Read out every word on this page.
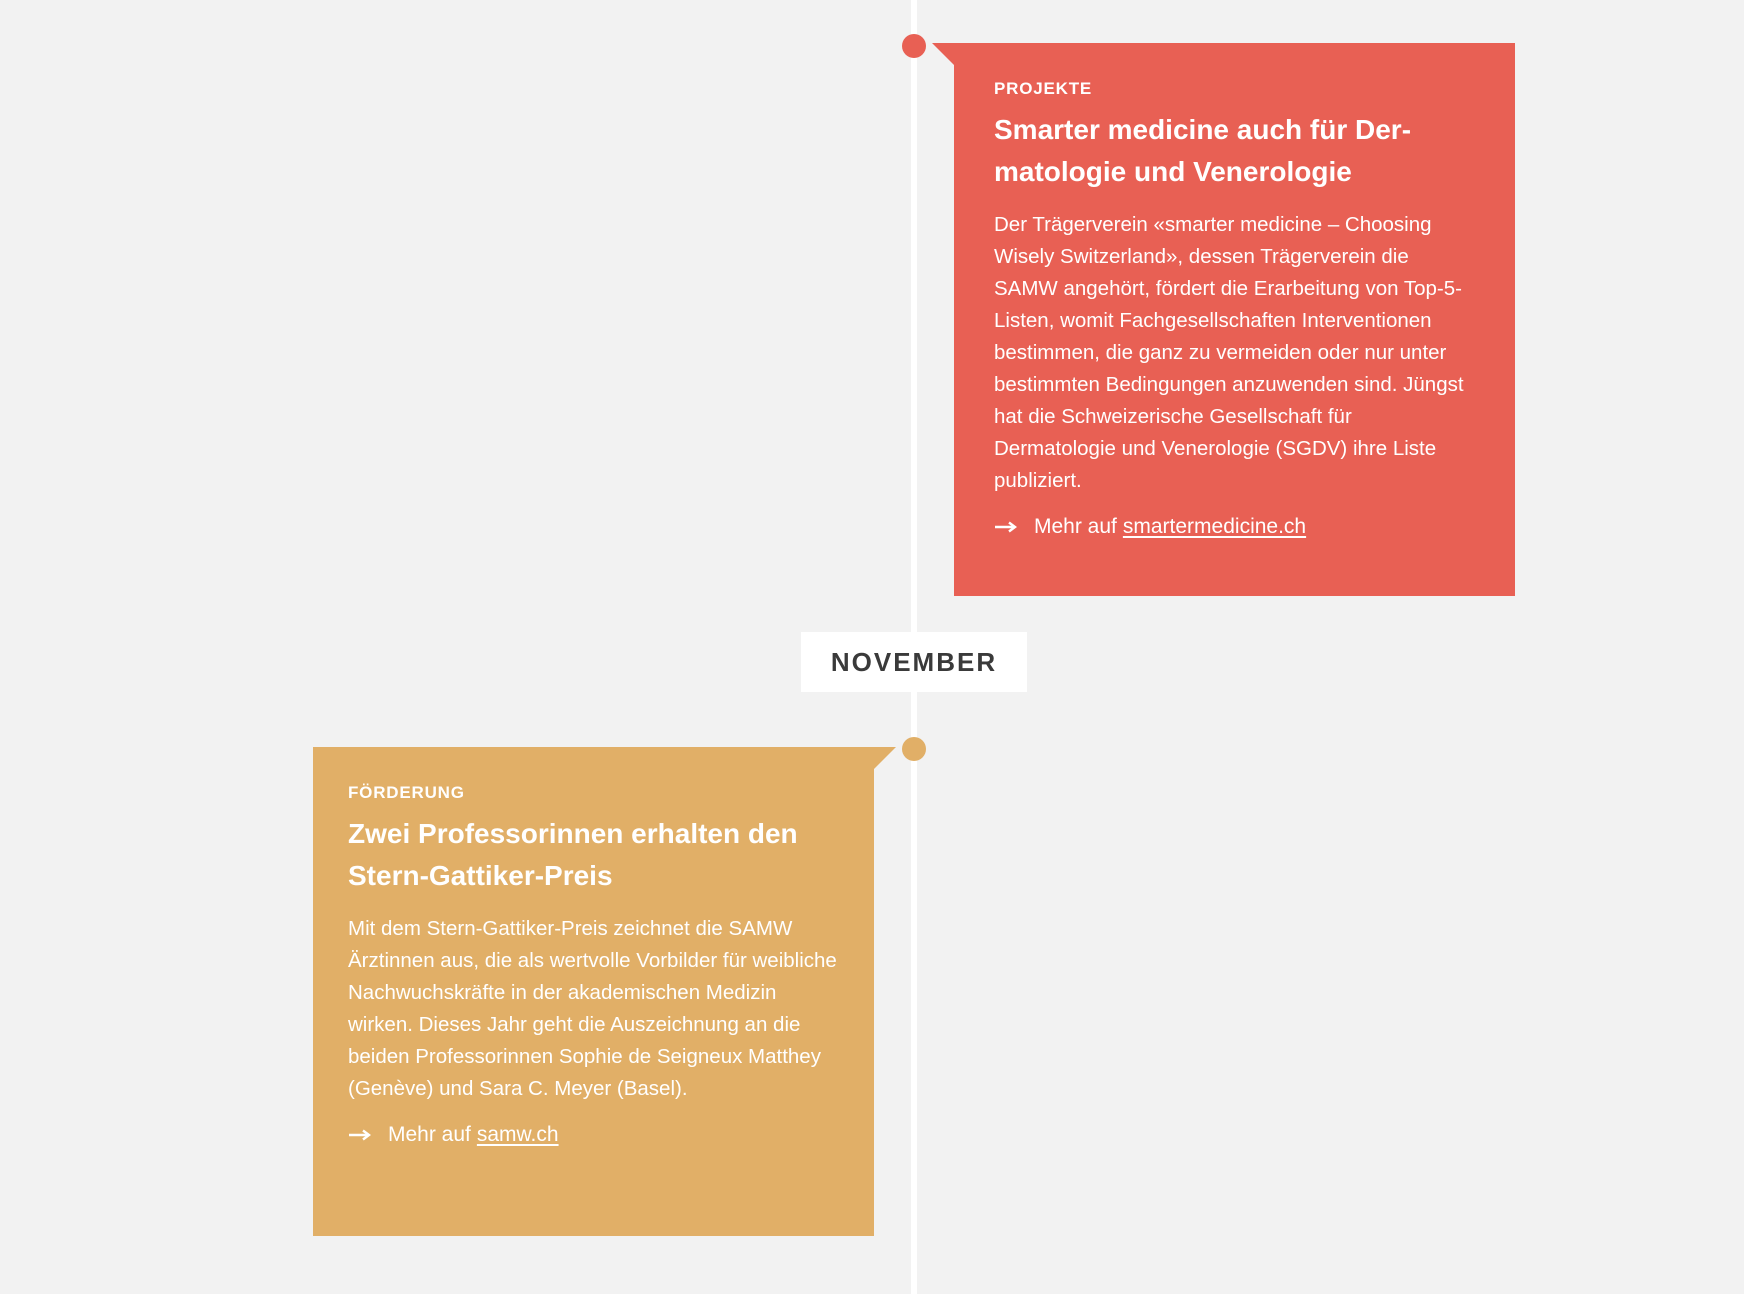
PROJEKTE
Smarter medicine auch für Dermatologie und Venerologie
Der Trägerverein «smarter medicine – Choosing Wisely Switzerland», dessen Trägerverein die SAMW angehört, fördert die Erarbeitung von Top-5-Listen, womit Fachgesellschaften Interventionen bestimmen, die ganz zu vermeiden oder nur unter bestimmten Bedingungen anzuwenden sind. Jüngst hat die Schweizerische Gesellschaft für Dermatologie und Venerologie (SGDV) ihre Liste publiziert.
Mehr auf smartermedicine.ch
NOVEMBER
FÖRDERUNG
Zwei Professorinnen erhalten den Stern-Gattiker-Preis
Mit dem Stern-Gattiker-Preis zeichnet die SAMW Ärztinnen aus, die als wertvolle Vorbilder für weibliche Nachwuchskräfte in der akademischen Medizin wirken. Dieses Jahr geht die Auszeichnung an die beiden Professorinnen Sophie de Seigneux Matthey (Genève) und Sara C. Meyer (Basel).
Mehr auf samw.ch
